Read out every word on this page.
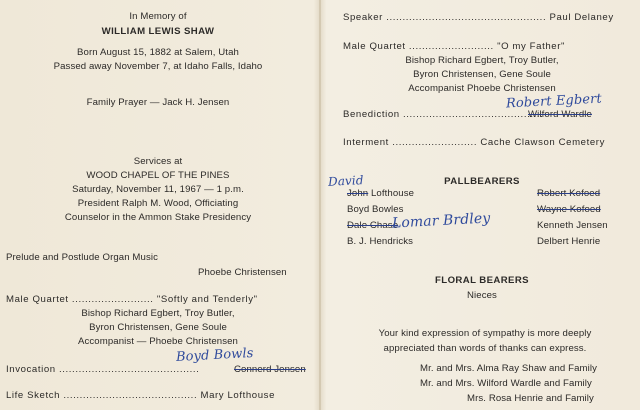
In Memory of
WILLIAM LEWIS SHAW
Born August 15, 1882 at Salem, Utah
Passed away November 7, at Idaho Falls, Idaho
Family Prayer — Jack H. Jensen
Services at
WOOD CHAPEL OF THE PINES
Saturday, November 11, 1967 — 1 p.m.
President Ralph M. Wood, Officiating
Counselor in the Ammon Stake Presidency
Prelude and Postlude Organ Music
Phoebe Christensen
Male Quartet ......................... "Softly and Tenderly"
Bishop Richard Egbert, Troy Butler,
Byron Christensen, Gene Soule
Accompanist — Phoebe Christensen
Boyd Bowls
Invocation ...........................................	Connerd Jensen
Life Sketch ......................................... Mary Lofthouse
Speaker ................................................. Paul Delaney
Male Quartet .......................... "O my Father"
Bishop Richard Egbert, Troy Butler,
Byron Christensen, Gene Soule
Accompanist Phoebe Christensen
Robert Egbert
Benediction ...........................................
Wilford Wardle
Interment .......................... Cache Clawson Cemetery
PALLBEARERS
David
John Lofthouse
Boyd Bowles
Dale Chase
Lomar Brdley
B. J. Hendricks
Robert Kofoed
Wayne Kofoed
Kenneth Jensen
Delbert Henrie
FLORAL BEARERS
Nieces
Your kind expression of sympathy is more deeply
appreciated than words of thanks can express.
Mr. and Mrs. Alma Ray Shaw and Family
Mr. and Mrs. Wilford Wardle and Family
Mrs. Rosa Henrie and Family
